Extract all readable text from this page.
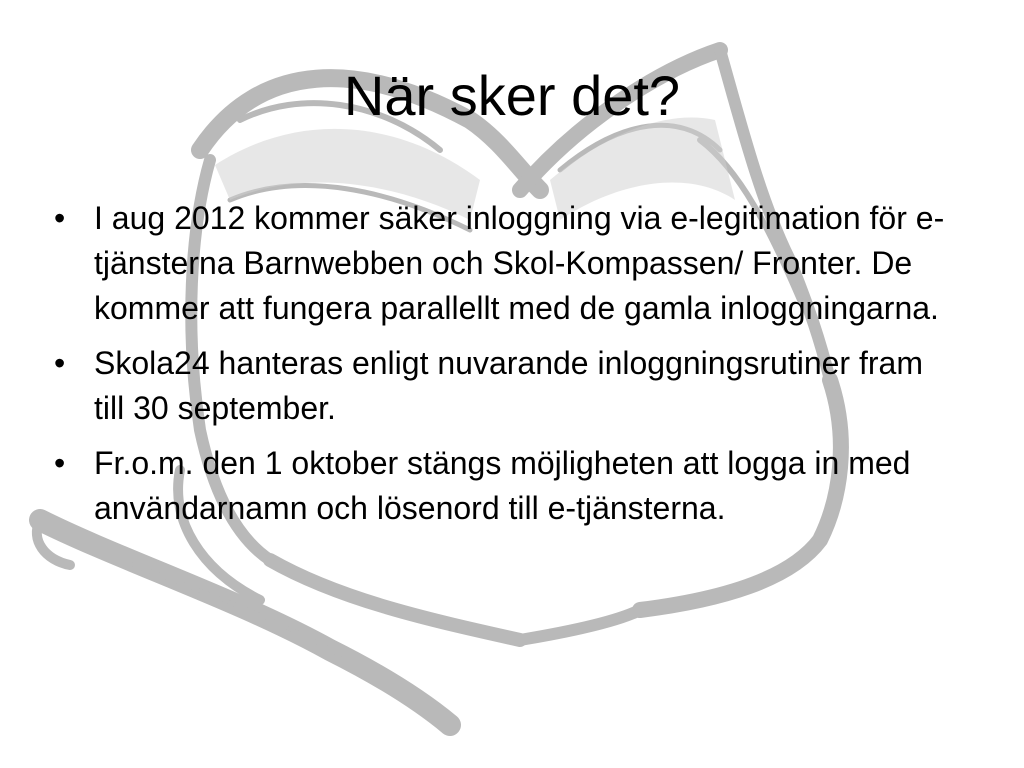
När sker det?
• I aug 2012 kommer säker inloggning via e-legitimation för e-tjänsterna Barnwebben och Skol-Kompassen/ Fronter. De kommer att fungera parallellt med de gamla inloggningarna.
• Skola24 hanteras enligt nuvarande inloggningsrutiner fram till 30 september.
• Fr.o.m. den 1 oktober stängs möjligheten att logga in med användarnamn och lösenord till e-tjänsterna.
